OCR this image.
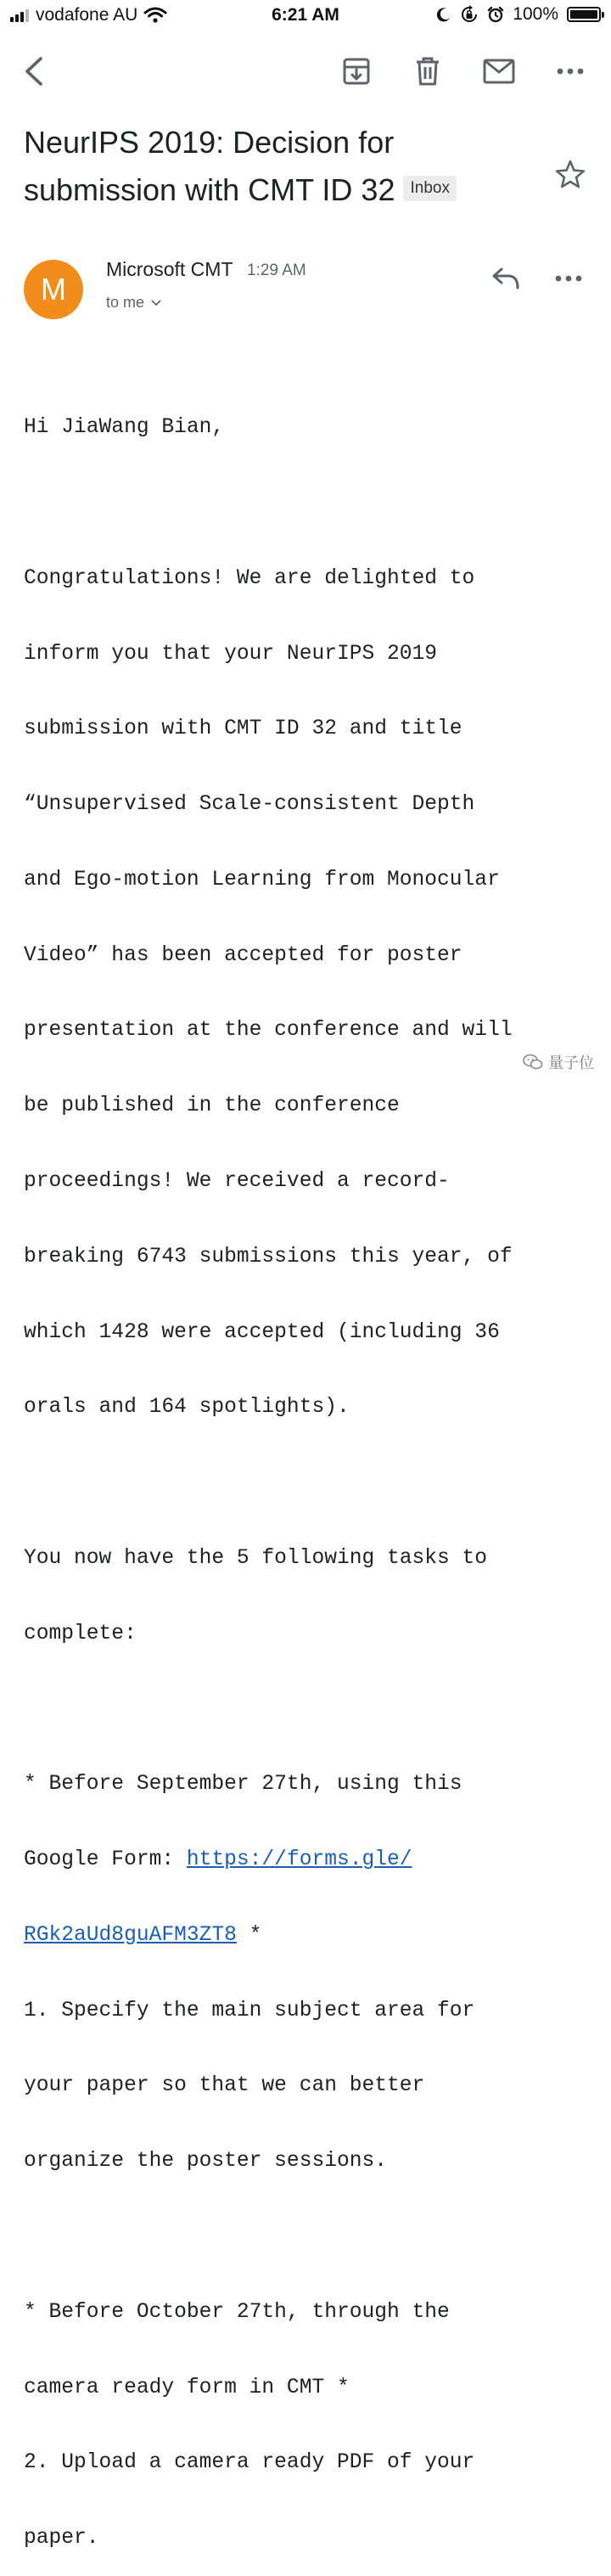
vodafone AU	6:21 AM	100%
NeurIPS 2019: Decision for
submission with CMT ID 32 Inbox
M
Microsoft CMT 1:29 AM
to me

Hi JiaWang Bian,

Congratulations! We are delighted to

inform you that your NeurIPS 2019

submission with CMT ID 32 and title

“Unsupervised Scale-consistent Depth

and Ego-motion Learning from Monocular

Video” has been accepted for poster

presentation at the conference and will

be published in the conference

proceedings! We received a record-

breaking 6743 submissions this year, of

which 1428 were accepted (including 36

orals and 164 spotlights).

You now have the 5 following tasks to

complete:

* Before September 27th, using this

Google Form: https://forms.gle/

RGk2aUd8guAFM3ZT8 *

1. Specify the main subject area for

your paper so that we can better

organize the poster sessions.

* Before October 27th, through the

camera ready form in CMT *

2. Upload a camera ready PDF of your

paper.

量子位
